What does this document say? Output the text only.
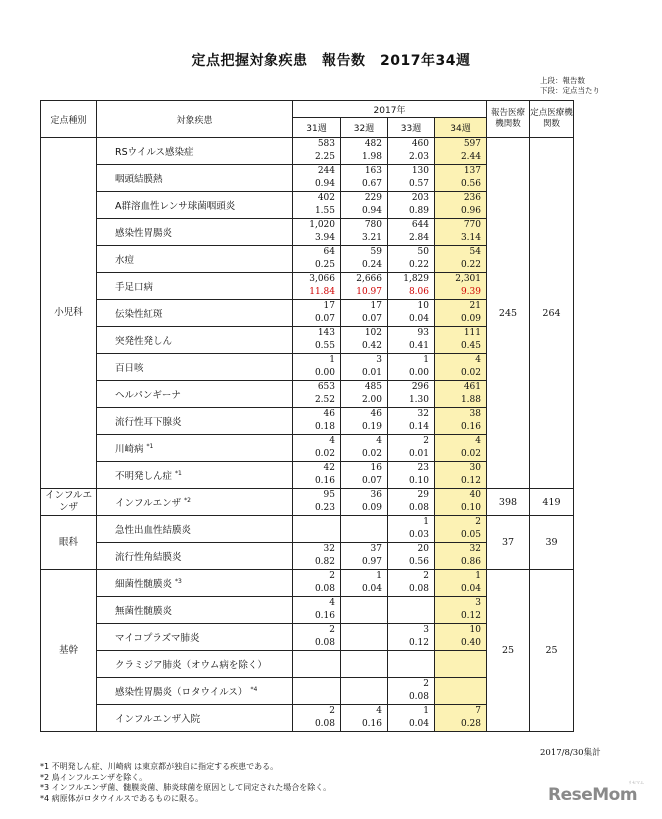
定点把握対象疾患　報告数　2017年34週
上段：報告数
下段：定点当たり
定点種別	対象疾患	2017年				報告医療機関数	定点医療機関数
		31週	32週	33週	34週		
小児科	RSウイルス感染症	583	482	460	597	245	264
		2.25	1.98	2.03	2.44		
	咽頭結膜熱	244	163	130	137		
		0.94	0.67	0.57	0.56		
	A群溶血性レンサ球菌咽頭炎	402	229	203	236		
		1.55	0.94	0.89	0.96		
	感染性胃腸炎	1,020	780	644	770		
		3.94	3.21	2.84	3.14		
	水痘	64	59	50	54		
		0.25	0.24	0.22	0.22		
	手足口病	3,066	2,666	1,829	2,301		
		11.84	10.97	8.06	9.39		
	伝染性紅斑	17	17	10	21		
		0.07	0.07	0.04	0.09		
	突発性発しん	143	102	93	111		
		0.55	0.42	0.41	0.45		
	百日咳	1	3	1	4		
		0.00	0.01	0.00	0.02		
	ヘルパンギーナ	653	485	296	461		
		2.52	2.00	1.30	1.88		
	流行性耳下腺炎	46	46	32	38		
		0.18	0.19	0.14	0.16		
	川崎病 $^{*1}$	4	4	2	4		
		0.02	0.02	0.01	0.02		
	不明発しん症 $^{*1}$	42	16	23	30		
		0.16	0.07	0.10	0.12		
インフルエンザ	インフルエンザ $^{*2}$	95	36	29	40	398	419
		0.23	0.09	0.08	0.10		
眼科	急性出血性結膜炎			1	2	37	39
				0.03	0.05		
	流行性角結膜炎	32	37	20	32		
		0.82	0.97	0.56	0.86		
基幹	細菌性髄膜炎 $^{*3}$	2	1	2	1	25	25
		0.08	0.04	0.08	0.04		
	無菌性髄膜炎	4			3		
		0.16			0.12		
	マイコプラズマ肺炎	2		3	10		
		0.08		0.12	0.40		
	クラミジア肺炎（オウム病を除く）						

	感染性胃腸炎（ロタウイルス） $^{*4}$			2			
				0.08			
	インフルエンザ入院	2	4	1	7		
		0.08	0.16	0.04	0.28		
2017/8/30集計
*1 不明発しん症、川崎病 は東京都が独自に指定する疾患である。
*2 鳥インフルエンザを除く。
*3 インフルエンザ菌、髄膜炎菌、肺炎球菌を原因として同定された場合を除く。
*4 病原体がロタウイルスであるものに限る。	ReseMom
リセマム
